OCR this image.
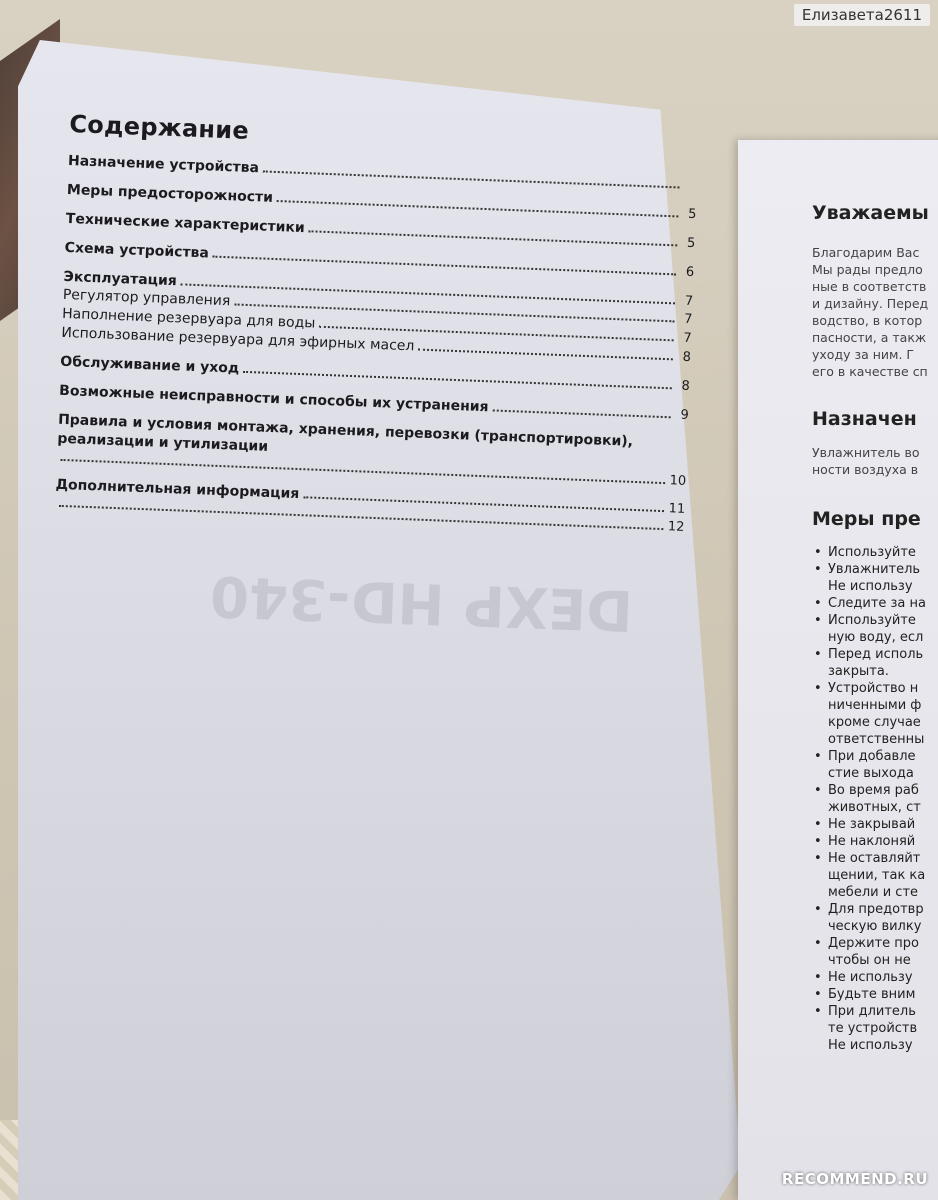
DEXP HD-340
Содержание
Назначение устройства
Меры предосторожности
5
Технические характеристики
5
Схема устройства
6
Эксплуатация
7
Регулятор управления
7
Наполнение резервуара для воды
7
Использование резервуара для эфирных масел
8
Обслуживание и уход
8
Возможные неисправности и способы их устранения
9
Правила и условия монтажа, хранения, перевозки (транспортировки), реализации и утилизации
10
Дополнительная информация
11
12
Уважаемы

Благодарим Вас

Мы рады предло

ные в соответств

и дизайну. Перед

водство, в котор

пасности, а такж

уходу за ним. Г

его в качестве сп

Назначен

Увлажнитель во

ности воздуха в

Меры пре
• Используйте
• Увлажнитель
Не использу
• Следите за на
• Используйте
ную воду, есл
• Перед исполь
закрыта.
• Устройство н
ниченными ф
кроме случае
ответственны
• При добавле
стие выхода
• Во время раб
животных, ст
• Не закрывай
• Не наклоняй
• Не оставляйт
щении, так ка
мебели и сте
• Для предотвр
ческую вилку
• Держите про
чтобы он не
• Не использу
• Будьте вним
• При длитель
те устройств
Не использу
Елизавета2611
RECOMMEND.RU
